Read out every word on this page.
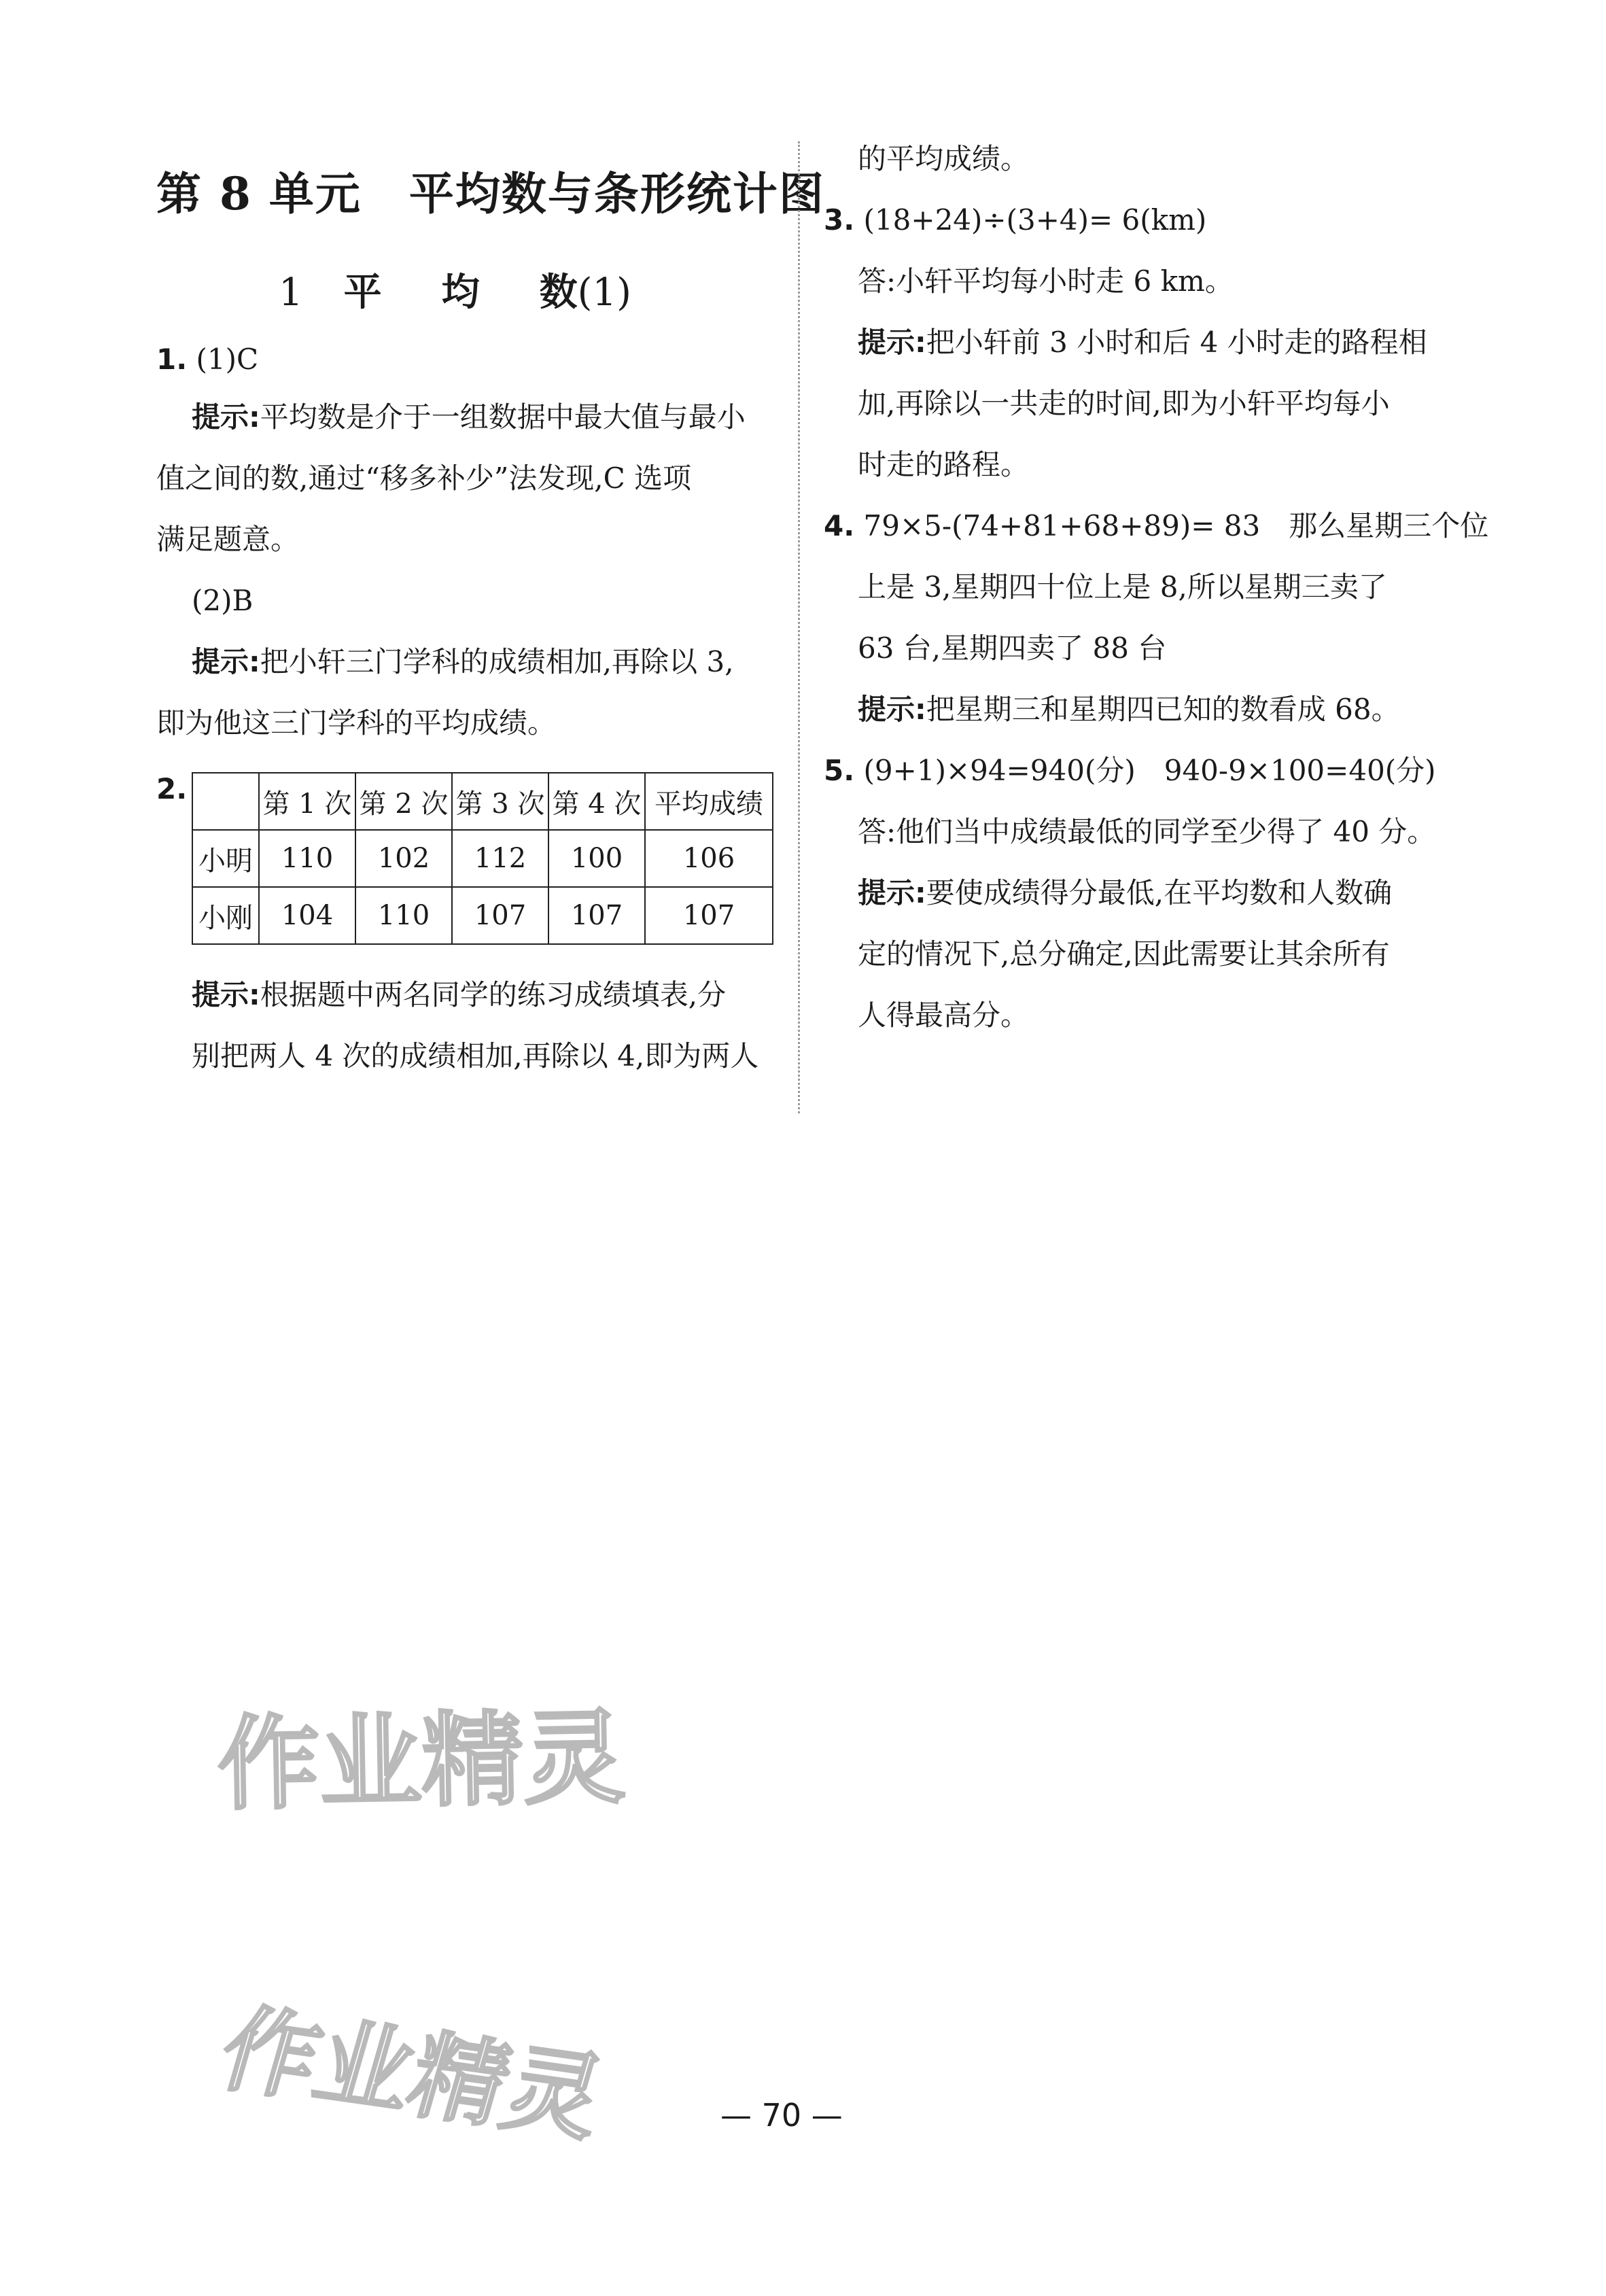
第 8 单元 平均数与条形统计图
1 平 均 数(1)
1. (1)C
提示:平均数是介于一组数据中最大值与最小
值之间的数,通过“移多补少”法发现,C 选项
满足题意。
(2)B
提示:把小轩三门学科的成绩相加,再除以 3,
即为他这三门学科的平均成绩。
2.
		第 1 次	第 2 次	第 3 次	第 4 次	平均成绩
小明	110	102	112	100	106
小刚	104	110	107	107	107
提示:根据题中两名同学的练习成绩填表,分
别把两人 4 次的成绩相加,再除以 4,即为两人
的平均成绩。
3. (18+24)÷(3+4)= 6(km)
答:小轩平均每小时走 6 km。
提示:把小轩前 3 小时和后 4 小时走的路程相
加,再除以一共走的时间,即为小轩平均每小
时走的路程。
4. 79×5-(74+81+68+89)= 83　那么星期三个位
上是 3,星期四十位上是 8,所以星期三卖了
63 台,星期四卖了 88 台
提示:把星期三和星期四已知的数看成 68。
5. (9+1)×94=940(分)　940-9×100=40(分)
答:他们当中成绩最低的同学至少得了 40 分。
提示:要使成绩得分最低,在平均数和人数确
定的情况下,总分确定,因此需要让其余所有
人得最高分。
作业精灵
作业精灵	— 70 —
